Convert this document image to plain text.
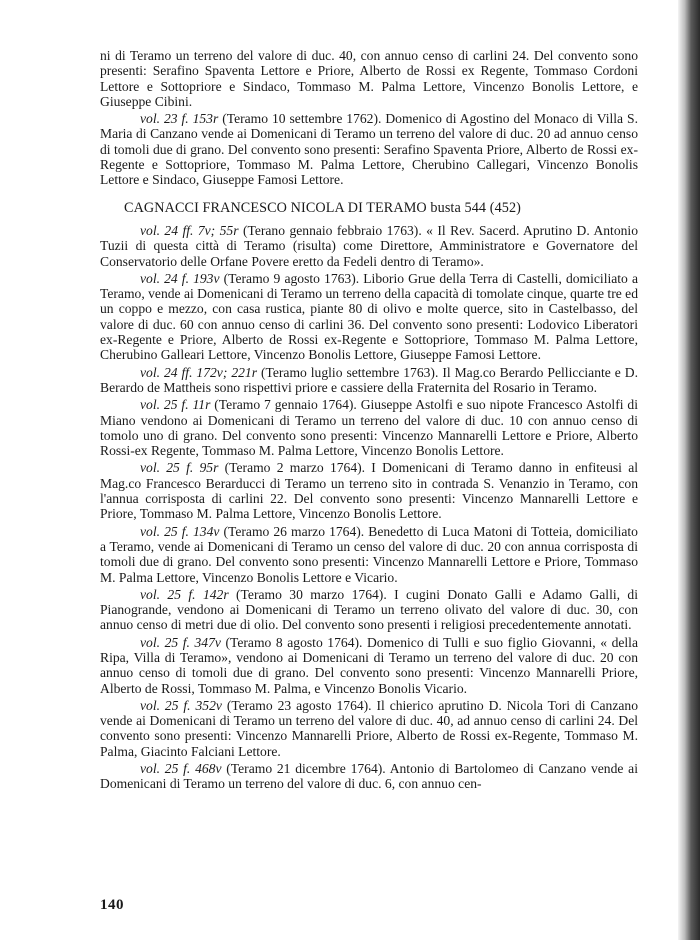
ni di Teramo un terreno del valore di duc. 40, con annuo censo di carlini 24. Del convento sono presenti: Serafino Spaventa Lettore e Priore, Alberto de Rossi ex Regente, Tommaso Cordoni Lettore e Sottopriore e Sindaco, Tommaso M. Palma Lettore, Vincenzo Bonolis Lettore, e Giuseppe Cibini.

vol. 23 f. 153r (Teramo 10 settembre 1762). Domenico di Agostino del Monaco di Villa S. Maria di Canzano vende ai Domenicani di Teramo un terreno del valore di duc. 20 ad annuo censo di tomoli due di grano. Del convento sono presenti: Serafino Spaventa Priore, Alberto de Rossi ex-Regente e Sottopriore, Tommaso M. Palma Lettore, Cherubino Callegari, Vincenzo Bonolis Lettore e Sindaco, Giuseppe Famosi Lettore.

CAGNACCI FRANCESCO NICOLA DI TERAMO busta 544 (452)

vol. 24 ff. 7v; 55r (Terano gennaio febbraio 1763). « Il Rev. Sacerd. Aprutino D. Antonio Tuzii di questa città di Teramo (risulta) come Direttore, Amministratore e Governatore del Conservatorio delle Orfane Povere eretto da Fedeli dentro di Teramo».

vol. 24 f. 193v (Teramo 9 agosto 1763). Liborio Grue della Terra di Castelli, domiciliato a Teramo, vende ai Domenicani di Teramo un terreno della capacità di tomolate cinque, quarte tre ed un coppo e mezzo, con casa rustica, piante 80 di olivo e molte querce, sito in Castelbasso, del valore di duc. 60 con annuo censo di carlini 36. Del convento sono presenti: Lodovico Liberatori ex-Regente e Priore, Alberto de Rossi ex-Regente e Sottopriore, Tommaso M. Palma Lettore, Cherubino Galleari Lettore, Vincenzo Bonolis Lettore, Giuseppe Famosi Lettore.

vol. 24 ff. 172v; 221r (Teramo luglio settembre 1763). Il Mag.co Berardo Pellicciante e D. Berardo de Mattheis sono rispettivi priore e cassiere della Fraternita del Rosario in Teramo.

vol. 25 f. 11r (Teramo 7 gennaio 1764). Giuseppe Astolfi e suo nipote Francesco Astolfi di Miano vendono ai Domenicani di Teramo un terreno del valore di duc. 10 con annuo censo di tomolo uno di grano. Del convento sono presenti: Vincenzo Mannarelli Lettore e Priore, Alberto Rossi-ex Regente, Tommaso M. Palma Lettore, Vincenzo Bonolis Lettore.

vol. 25 f. 95r (Teramo 2 marzo 1764). I Domenicani di Teramo danno in enfiteusi al Mag.co Francesco Berarducci di Teramo un terreno sito in contrada S. Venanzio in Teramo, con l'annua corrisposta di carlini 22. Del convento sono presenti: Vincenzo Mannarelli Lettore e Priore, Tommaso M. Palma Lettore, Vincenzo Bonolis Lettore.

vol. 25 f. 134v (Teramo 26 marzo 1764). Benedetto di Luca Matoni di Totteia, domiciliato a Teramo, vende ai Domenicani di Teramo un censo del valore di duc. 20 con annua corrisposta di tomoli due di grano. Del convento sono presenti: Vincenzo Mannarelli Lettore e Priore, Tommaso M. Palma Lettore, Vincenzo Bonolis Lettore e Vicario.

vol. 25 f. 142r (Teramo 30 marzo 1764). I cugini Donato Galli e Adamo Galli, di Pianogrande, vendono ai Domenicani di Teramo un terreno olivato del valore di duc. 30, con annuo censo di metri due di olio. Del convento sono presenti i religiosi precedentemente annotati.

vol. 25 f. 347v (Teramo 8 agosto 1764). Domenico di Tulli e suo figlio Giovanni, « della Ripa, Villa di Teramo», vendono ai Domenicani di Teramo un terreno del valore di duc. 20 con annuo censo di tomoli due di grano. Del convento sono presenti: Vincenzo Mannarelli Priore, Alberto de Rossi, Tommaso M. Palma, e Vincenzo Bonolis Vicario.

vol. 25 f. 352v (Teramo 23 agosto 1764). Il chierico aprutino D. Nicola Tori di Canzano vende ai Domenicani di Teramo un terreno del valore di duc. 40, ad annuo censo di carlini 24. Del convento sono presenti: Vincenzo Mannarelli Priore, Alberto de Rossi ex-Regente, Tommaso M. Palma, Giacinto Falciani Lettore.

vol. 25 f. 468v (Teramo 21 dicembre 1764). Antonio di Bartolomeo di Canzano vende ai Domenicani di Teramo un terreno del valore di duc. 6, con annuo cen-

140
